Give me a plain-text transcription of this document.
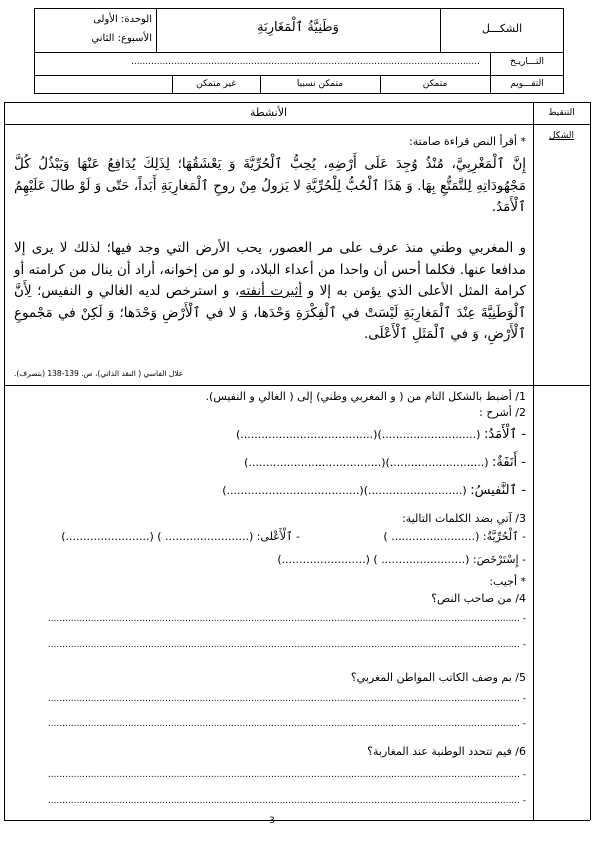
الوحدة: الأولى
الأسبوع: الثاني
وَطَنِيَّةُ ٱلْمَغَارِبَةِ	الشكـــل
التـــاريـخ
..........................................................................................................................
التقـــويم
متمكن
متمكن نسبيا
غير متمكن
الأنشطة	التنقيط
الشكل
* أقرأ النص قراءة صامتة:
إِنَّ ٱلْمَغْرِبِيَّ، مُنْذُ وُجِدَ عَلَى أَرْضِهِ، يُحِبُّ ٱلْحُرِّيَّةَ وَ يَعْشَقُهَا؛ لِذَلِكَ يُدَافِعُ عَنْهَا وَيَبْذُلُ كُلَّ مَجْهُودَاتِهِ لِلتَّمَتُّعِ بِهَا. وَ هَذَا ٱلْحُبُّ لِلْحُرِّيَّةِ لا يَزولُ مِنْ روحِ ٱلْمَغارِبَةِ أَبَداً، حَتّى وَ لَوْ طالَ عَلَيْهِمُ ٱلْأَمَدُ.
و المغربي وطني منذ عرف على مر العصور، يحب الأرض التي وجد فيها؛ لذلك لا يرى إلا مدافعا عنها. فكلما أحس أن واحدا من أعداء البلاد، و لو من إخوانه، أراد أن ينال من كرامته أو كرامة المثل الأعلى الذي يؤمن به إلا و أثيرت أنفته، و استرخص لديه الغالي و النفيس؛ لِأَنَّ ٱلْوَطَنِيَّةَ عِنْدَ ٱلْمَغارِبَةِ لَيْسَتْ في ٱلْفِكْرَةِ وَحْدَها، وَ لا في ٱلْأَرْضِ وَحْدَها؛ وَ لَكِنْ في مَجْموعِ ٱلْأَرْضِ، وَ في ٱلْمَثَلِ ٱلْأَعْلَى.
علال الفاسي ( النقد الذاتي)، ص. 139-138 (بتصرف).
1/ أضبط بالشكل التام من ( و المغربي وطني) إلى ( الغالي و النفيس).
2/ أشرح :
- ٱلْأَمَدُ: (...........................)(......................................)
- أَنَفَةٌ: (...........................)(......................................)
- ٱلنَّفيسُ: (...........................)(......................................)
3/ آتي بضد الكلمات التالية:
- ٱلْحُرِّيَّةُ: (........................ )
- ٱلْأَعْلى: (........................ ) (........................)
- إِسْتَرْخَصَ: (........................ ) (........................)
* أجيب:
4/ من صاحب النص؟
- .....................................................................................................................................................................
- .....................................................................................................................................................................
5/ بم وصف الكاتب المواطن المغربي؟
- .....................................................................................................................................................................
- .....................................................................................................................................................................
6/ فيم تتحدد الوطنية عند المغاربة؟
- .....................................................................................................................................................................
- .....................................................................................................................................................................
3
